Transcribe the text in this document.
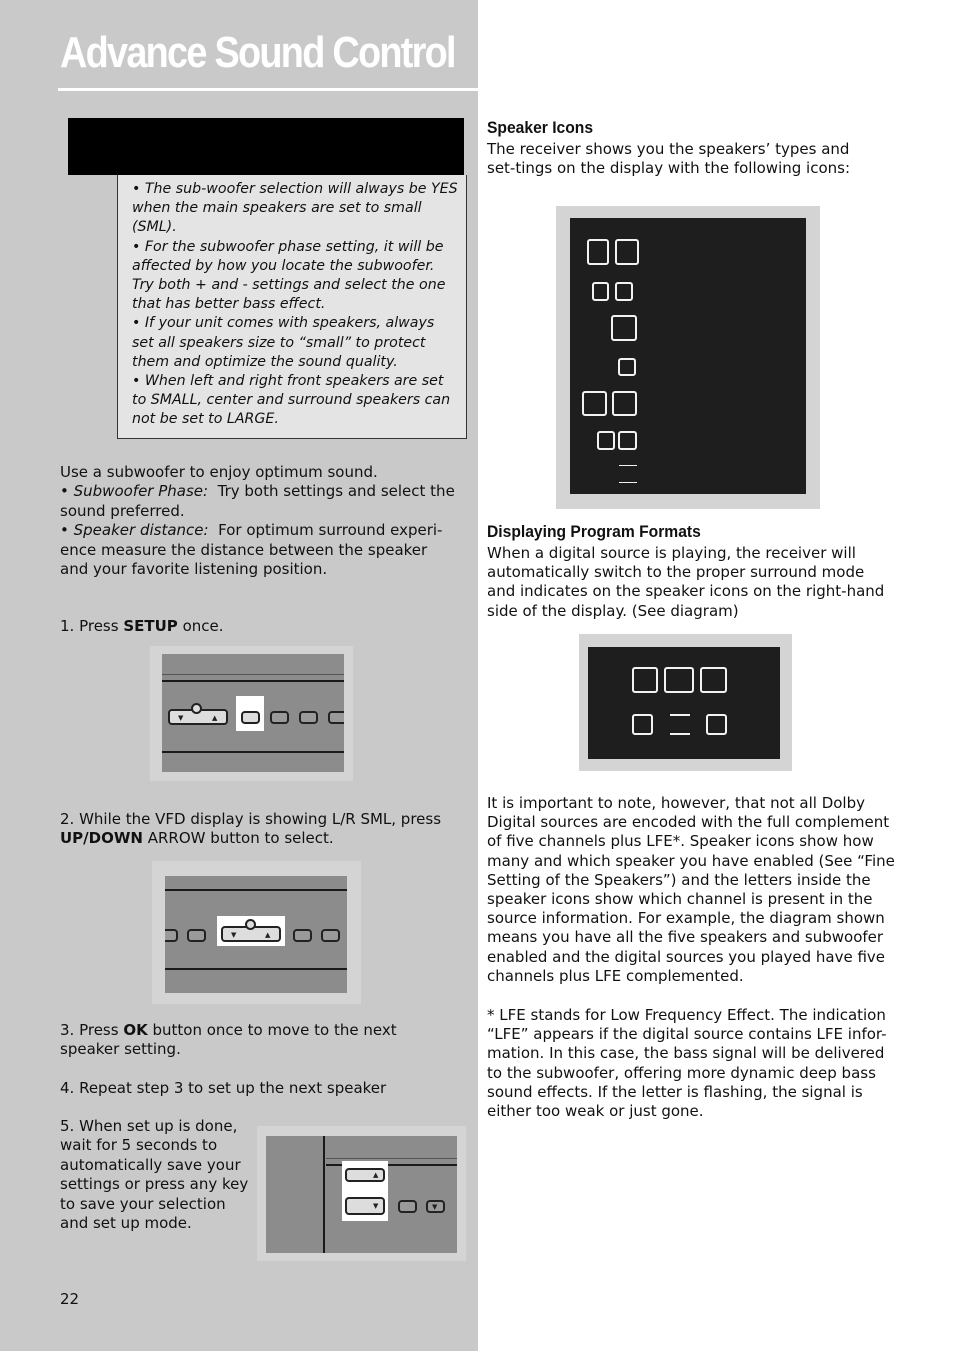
Advance Sound Control

• The sub-woofer selection will always be YES when the main speakers are set to small (SML).

• For the subwoofer phase setting, it will be affected by how you locate the subwoofer. Try both + and - settings and select the one that has better bass effect.

• If your unit comes with speakers, always set all speakers size to “small” to protect them and optimize the sound quality.

• When left and right front speakers are set to SMALL, center and surround speakers can not be set to LARGE.

Use a subwoofer to enjoy optimum sound.

• Subwoofer Phase: Try both settings and select the sound preferred.

• Speaker distance: For optimum surround experi-ence measure the distance between the speaker and your favorite listening position.

1. Press SETUP once.

▼	▲

2. While the VFD display is showing L/R SML, press UP/DOWN ARROW button to select.

▼	▲

3. Press OK button once to move to the next speaker setting.

4. Repeat step 3 to set up the next speaker

5. When set up is done, wait for 5 seconds to automatically save your settings or press any key to save your selection and set up mode.

▲
▼	▼
22
Speaker Icons

The receiver shows you the speakers’ types and set-tings on the display with the following icons:

Displaying Program Formats

When a digital source is playing, the receiver will automatically switch to the proper surround mode and indicates on the speaker icons on the right-hand side of the display. (See diagram)

It is important to note, however, that not all Dolby Digital sources are encoded with the full complement of five channels plus LFE*. Speaker icons show how many and which speaker you have enabled (See “Fine Setting of the Speakers”) and the letters inside the speaker icons show which channel is present in the source information. For example, the diagram shown means you have all the five speakers and subwoofer enabled and the digital sources you played have five channels plus LFE complemented.

* LFE stands for Low Frequency Effect. The indication “LFE” appears if the digital source contains LFE infor-mation. In this case, the bass signal will be delivered to the subwoofer, offering more dynamic deep bass sound effects. If the letter is flashing, the signal is either too weak or just gone.
